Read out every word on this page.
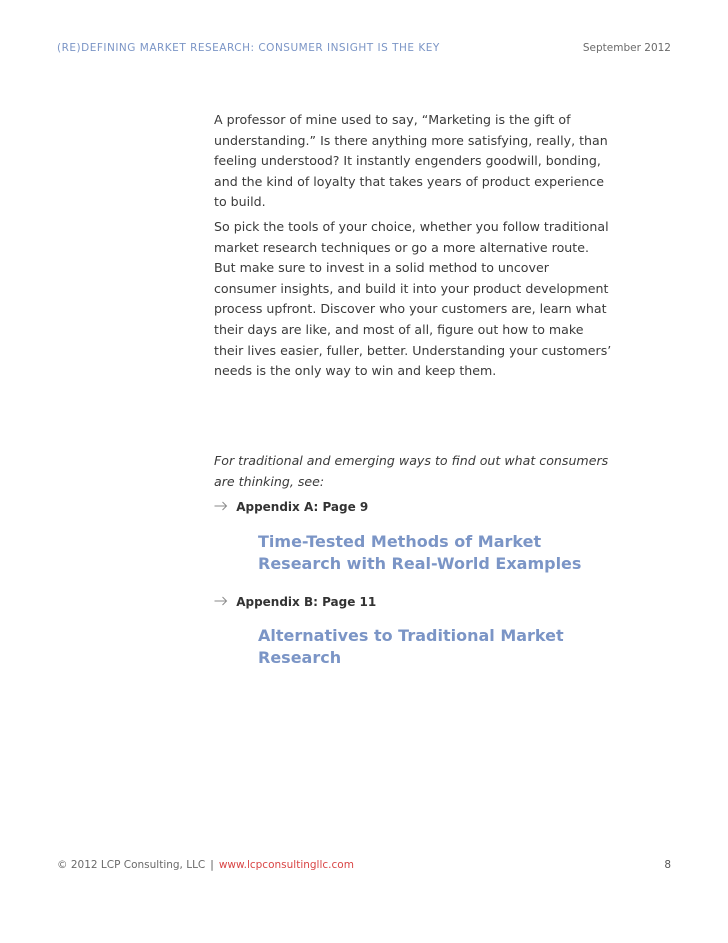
(RE)DEFINING MARKET RESEARCH: CONSUMER INSIGHT IS THE KEY	September 2012

A professor of mine used to say, “Marketing is the gift of

understanding.” Is there anything more satisfying, really, than

feeling understood? It instantly engenders goodwill, bonding,

and the kind of loyalty that takes years of product experience

to build.

So pick the tools of your choice, whether you follow traditional

market research techniques or go a more alternative route.

But make sure to invest in a solid method to uncover

consumer insights, and build it into your product development

process upfront. Discover who your customers are, learn what

their days are like, and most of all, figure out how to make

their lives easier, fuller, better. Understanding your customers’

needs is the only way to win and keep them.

For traditional and emerging ways to find out what consumers

are thinking, see:

Appendix A: Page 9
Time-Tested Methods of Market
Research with Real-World Examples
Appendix B: Page 11
Alternatives to Traditional Market
Research
© 2012 LCP Consulting, LLC | www.lcpconsultingllc.com	8
